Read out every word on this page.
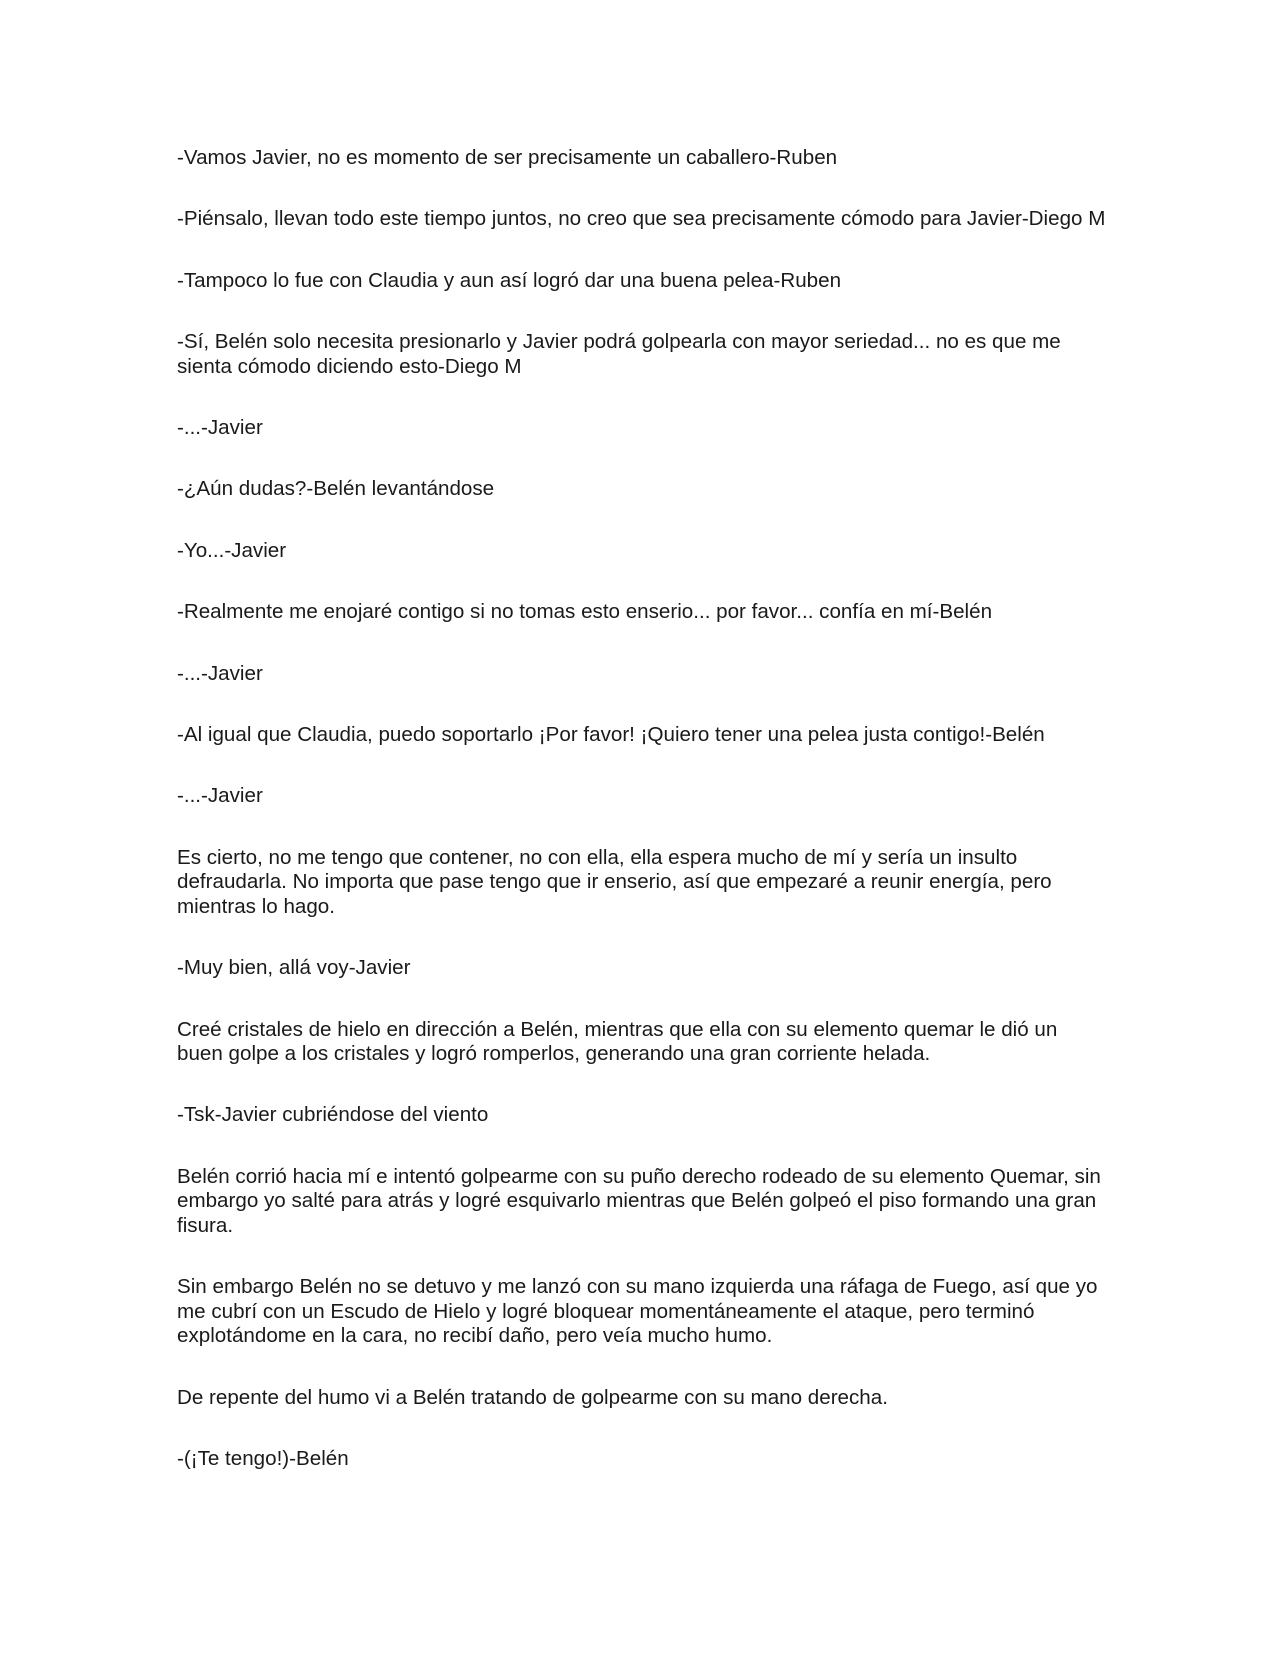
-Vamos Javier, no es momento de ser precisamente un caballero-Ruben

-Piénsalo, llevan todo este tiempo juntos, no creo que sea precisamente cómodo para Javier-Diego M

-Tampoco lo fue con Claudia y aun así logró dar una buena pelea-Ruben

-Sí, Belén solo necesita presionarlo y Javier podrá golpearla con mayor seriedad... no es que me sienta cómodo diciendo esto-Diego M

-...-Javier

-¿Aún dudas?-Belén levantándose

-Yo...-Javier

-Realmente me enojaré contigo si no tomas esto enserio... por favor... confía en mí-Belén

-...-Javier

-Al igual que Claudia, puedo soportarlo ¡Por favor! ¡Quiero tener una pelea justa contigo!-Belén

-...-Javier

Es cierto, no me tengo que contener, no con ella, ella espera mucho de mí y sería un insulto defraudarla. No importa que pase tengo que ir enserio, así que empezaré a reunir energía, pero mientras lo hago.

-Muy bien, allá voy-Javier

Creé cristales de hielo en dirección a Belén, mientras que ella con su elemento quemar le dió un buen golpe a los cristales y logró romperlos, generando una gran corriente helada.

-Tsk-Javier cubriéndose del viento

Belén corrió hacia mí e intentó golpearme con su puño derecho rodeado de su elemento Quemar, sin embargo yo salté para atrás y logré esquivarlo mientras que Belén golpeó el piso formando una gran fisura.

Sin embargo Belén no se detuvo y me lanzó con su mano izquierda una ráfaga de Fuego, así que yo me cubrí con un Escudo de Hielo y logré bloquear momentáneamente el ataque, pero terminó explotándome en la cara, no recibí daño, pero veía mucho humo.

De repente del humo vi a Belén tratando de golpearme con su mano derecha.

-(¡Te tengo!)-Belén
